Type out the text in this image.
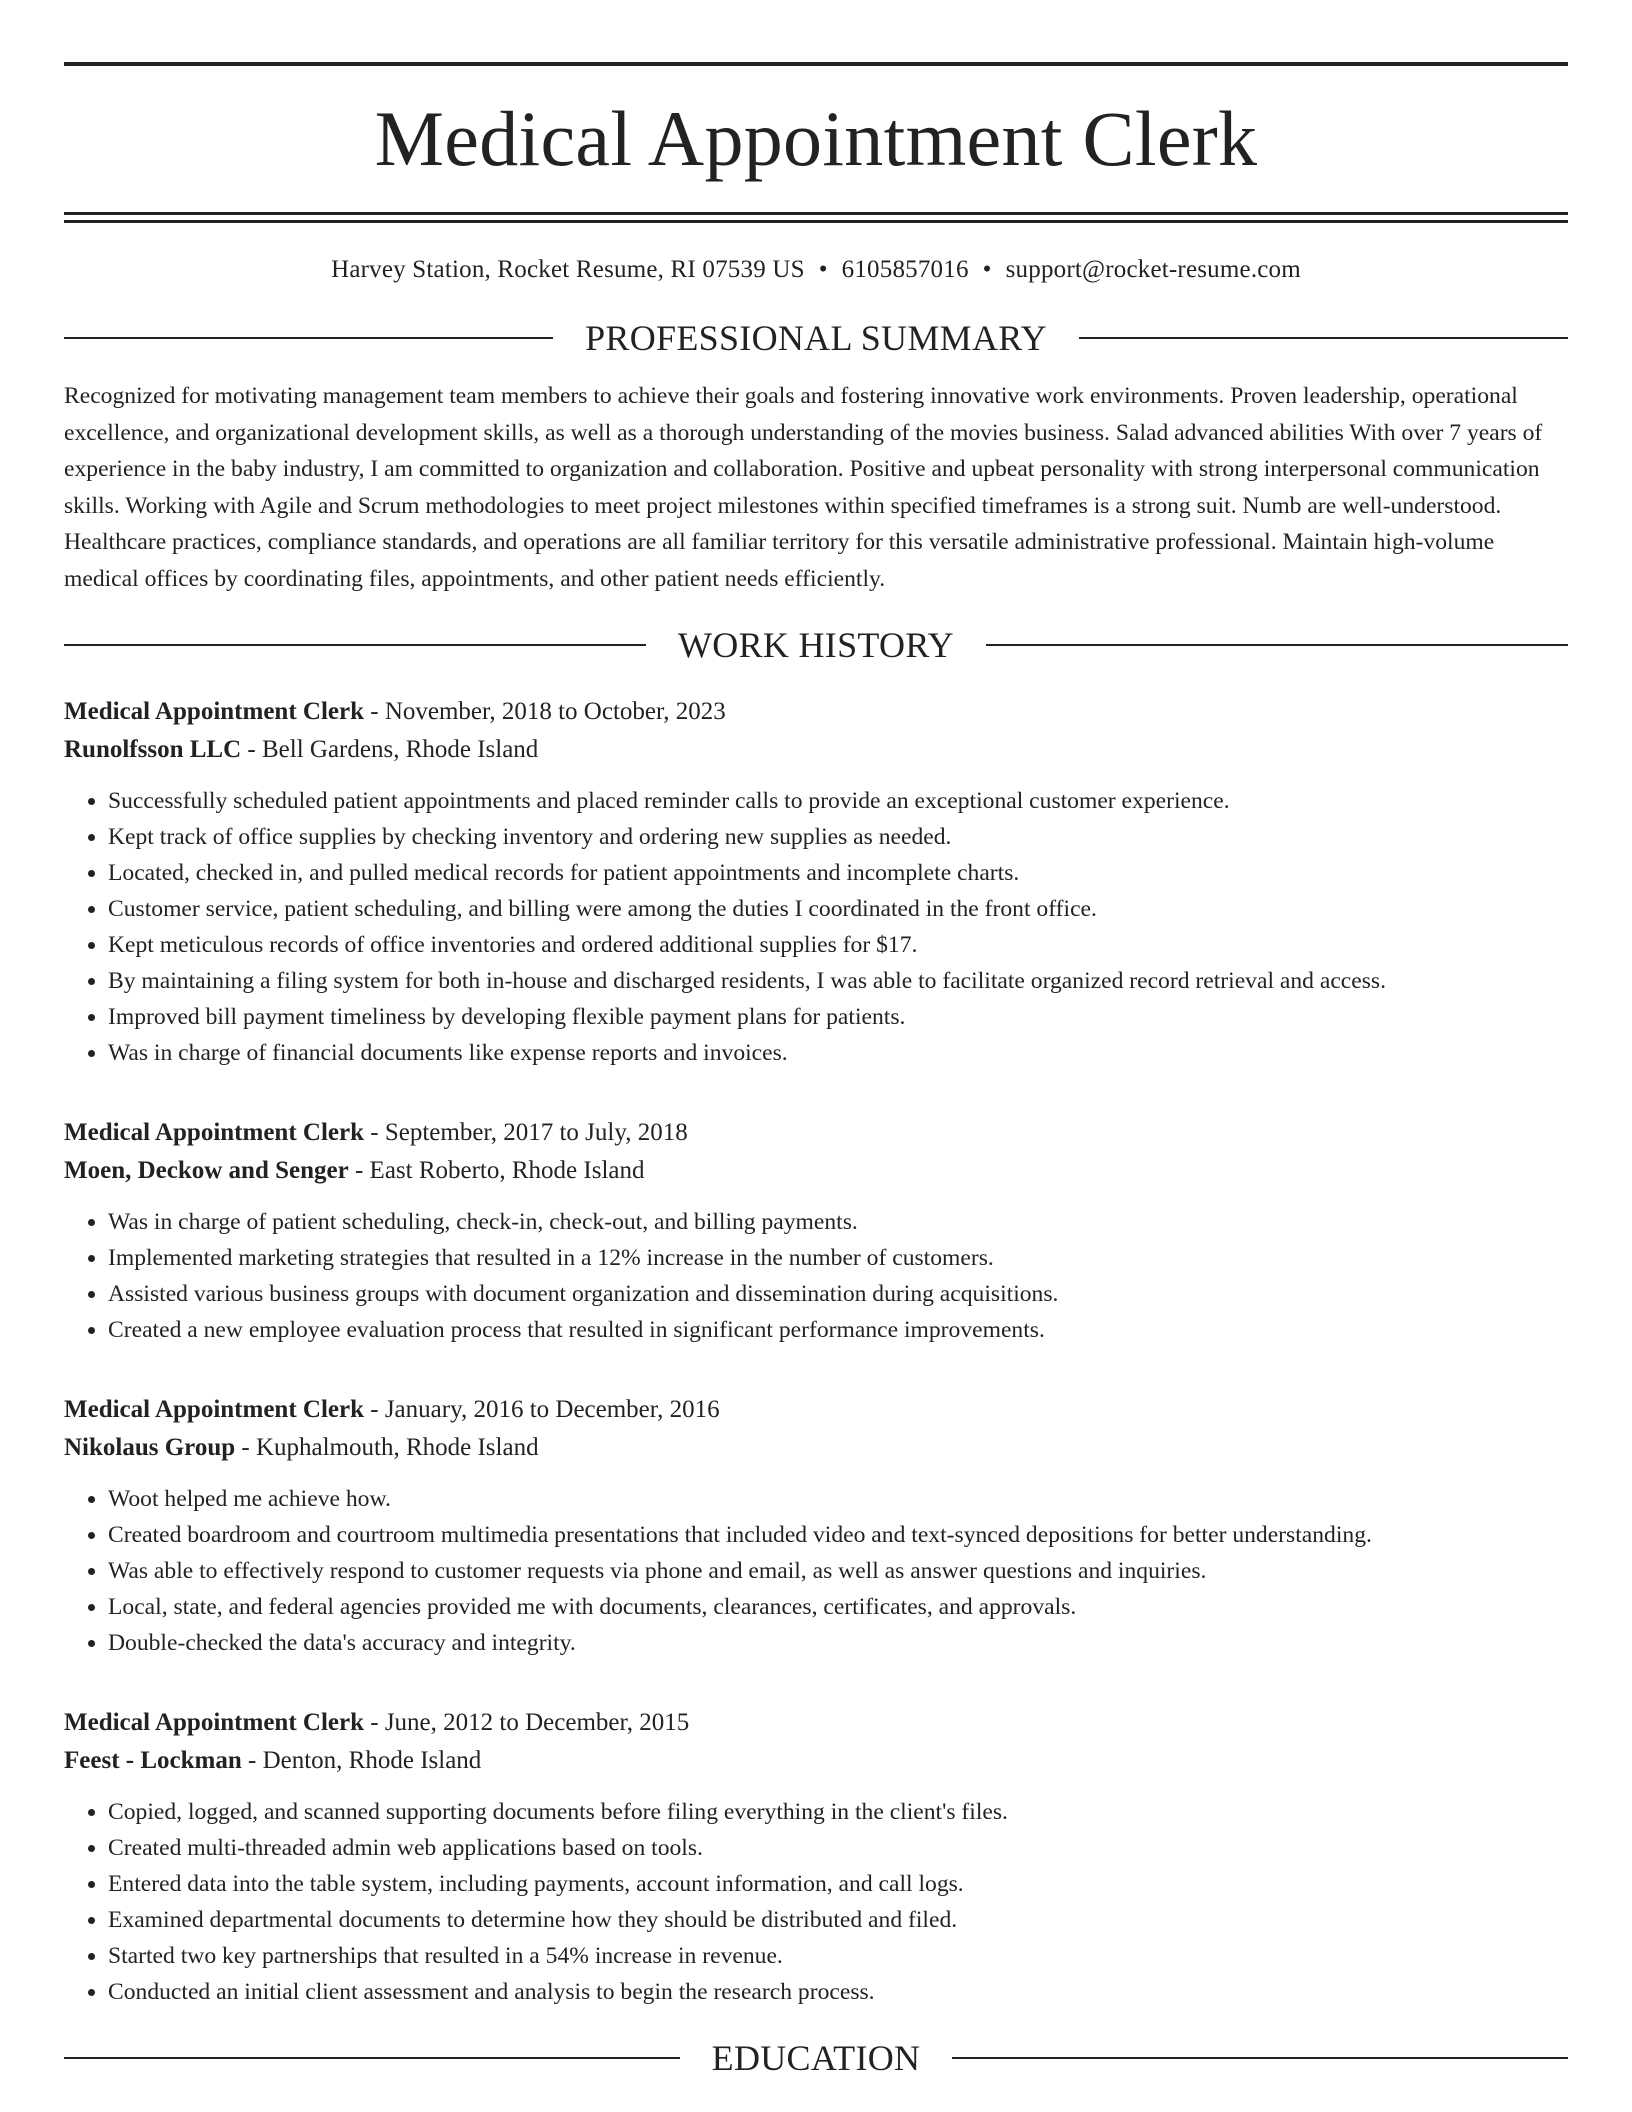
Medical Appointment Clerk
Harvey Station, Rocket Resume, RI 07539 US • 6105857016 • support@rocket-resume.com
PROFESSIONAL SUMMARY

Recognized for motivating management team members to achieve their goals and fostering innovative work environments. Proven leadership, operational excellence, and organizational development skills, as well as a thorough understanding of the movies business. Salad advanced abilities With over 7 years of experience in the baby industry, I am committed to organization and collaboration. Positive and upbeat personality with strong interpersonal communication skills. Working with Agile and Scrum methodologies to meet project milestones within specified timeframes is a strong suit. Numb are well-understood. Healthcare practices, compliance standards, and operations are all familiar territory for this versatile administrative professional. Maintain high-volume medical offices by coordinating files, appointments, and other patient needs efficiently.

WORK HISTORY
Medical Appointment Clerk - November, 2018 to October, 2023
Runolfsson LLC - Bell Gardens, Rhode Island
• Successfully scheduled patient appointments and placed reminder calls to provide an exceptional customer experience.
• Kept track of office supplies by checking inventory and ordering new supplies as needed.
• Located, checked in, and pulled medical records for patient appointments and incomplete charts.
• Customer service, patient scheduling, and billing were among the duties I coordinated in the front office.
• Kept meticulous records of office inventories and ordered additional supplies for $17.
• By maintaining a filing system for both in-house and discharged residents, I was able to facilitate organized record retrieval and access.
• Improved bill payment timeliness by developing flexible payment plans for patients.
• Was in charge of financial documents like expense reports and invoices.
Medical Appointment Clerk - September, 2017 to July, 2018
Moen, Deckow and Senger - East Roberto, Rhode Island
• Was in charge of patient scheduling, check-in, check-out, and billing payments.
• Implemented marketing strategies that resulted in a 12% increase in the number of customers.
• Assisted various business groups with document organization and dissemination during acquisitions.
• Created a new employee evaluation process that resulted in significant performance improvements.
Medical Appointment Clerk - January, 2016 to December, 2016
Nikolaus Group - Kuphalmouth, Rhode Island
• Woot helped me achieve how.
• Created boardroom and courtroom multimedia presentations that included video and text-synced depositions for better understanding.
• Was able to effectively respond to customer requests via phone and email, as well as answer questions and inquiries.
• Local, state, and federal agencies provided me with documents, clearances, certificates, and approvals.
• Double-checked the data's accuracy and integrity.
Medical Appointment Clerk - June, 2012 to December, 2015
Feest - Lockman - Denton, Rhode Island
• Copied, logged, and scanned supporting documents before filing everything in the client's files.
• Created multi-threaded admin web applications based on tools.
• Entered data into the table system, including payments, account information, and call logs.
• Examined departmental documents to determine how they should be distributed and filed.
• Started two key partnerships that resulted in a 54% increase in revenue.
• Conducted an initial client assessment and analysis to begin the research process.
EDUCATION
